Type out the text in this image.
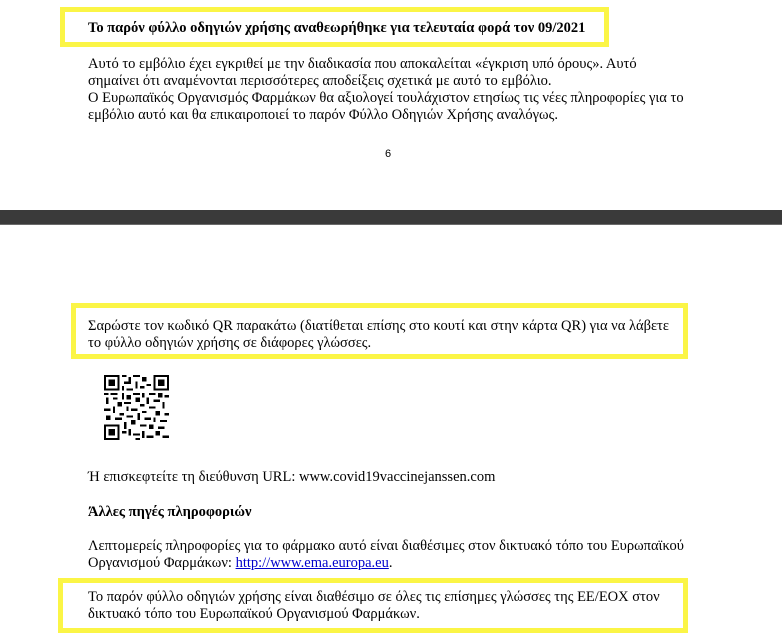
Το παρόν φύλλο οδηγιών χρήσης αναθεωρήθηκε για τελευταία φορά τον 09/2021
Αυτό το εμβόλιο έχει εγκριθεί με την διαδικασία που αποκαλείται «έγκριση υπό όρους». Αυτό
σημαίνει ότι αναμένονται περισσότερες αποδείξεις σχετικά με αυτό το εμβόλιο.
Ο Ευρωπαϊκός Οργανισμός Φαρμάκων θα αξιολογεί τουλάχιστον ετησίως τις νέες πληροφορίες για το
εμβόλιο αυτό και θα επικαιροποιεί το παρόν Φύλλο Οδηγιών Χρήσης αναλόγως.
6
Σαρώστε τον κωδικό QR παρακάτω (διατίθεται επίσης στο κουτί και στην κάρτα QR) για να λάβετε
το φύλλο οδηγιών χρήσης σε διάφορες γλώσσες.
Ή επισκεφτείτε τη διεύθυνση URL: www.covid19vaccinejanssen.com
Άλλες πηγές πληροφοριών
Λεπτομερείς πληροφορίες για το φάρμακο αυτό είναι διαθέσιμες στον δικτυακό τόπο του Ευρωπαϊκού
Οργανισμού Φαρμάκων: http://www.ema.europa.eu.
Το παρόν φύλλο οδηγιών χρήσης είναι διαθέσιμο σε όλες τις επίσημες γλώσσες της ΕΕ/ΕΟΧ στον
δικτυακό τόπο του Ευρωπαϊκού Οργανισμού Φαρμάκων.
